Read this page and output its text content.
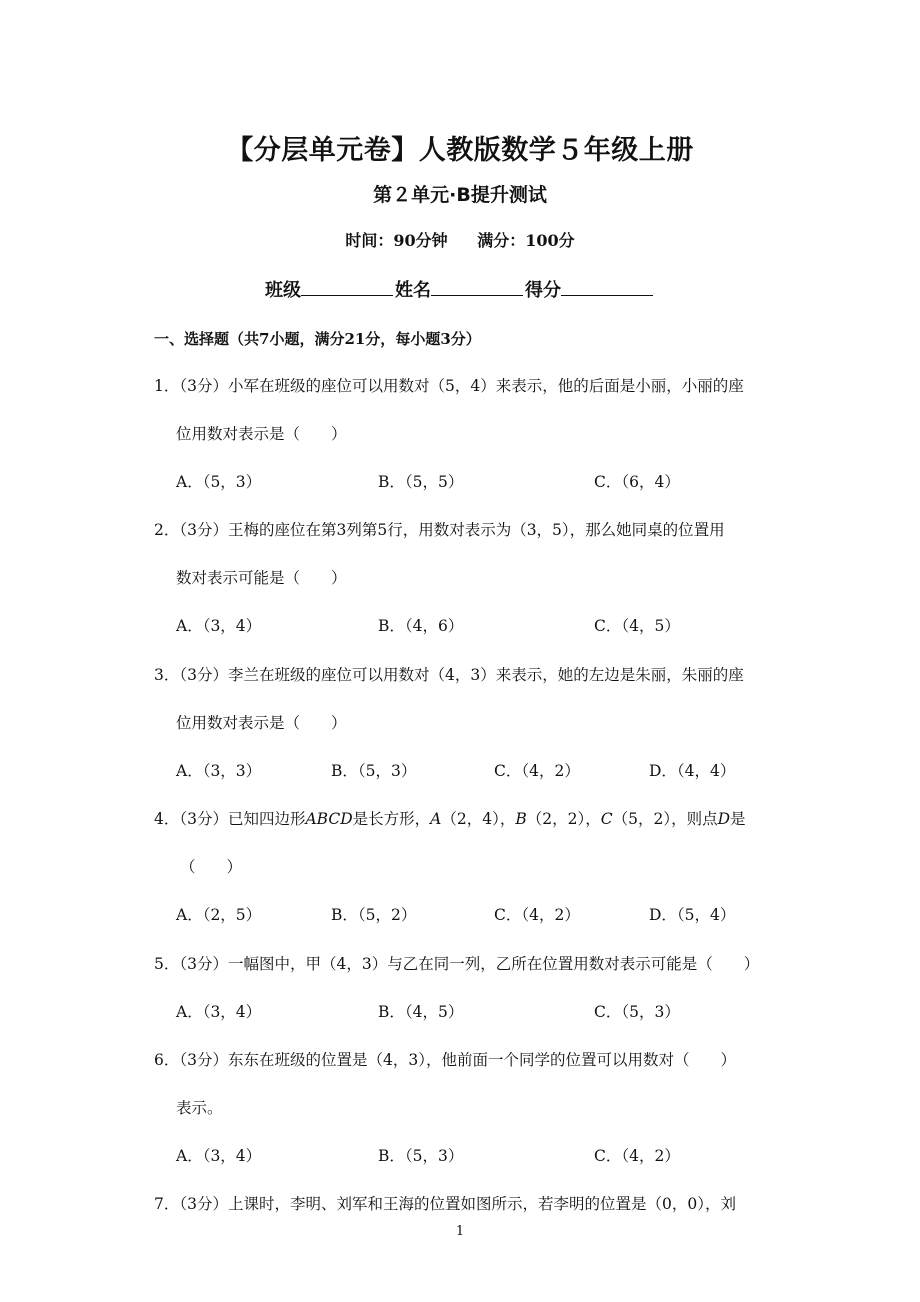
【分层单元卷】人教版数学５年级上册
第２单元·B提升测试
时间：90分钟 满分：100分
班级	姓名	得分
一、选择题（共7小题，满分21分，每小题3分）
1．（3分）小军在班级的座位可以用数对（5，4）来表示，他的后面是小丽，小丽的座
位用数对表示是（　　）
A．（5，3）	B．（5，5）	C．（6，4）
2．（3分）王梅的座位在第3列第5行，用数对表示为（3，5），那么她同桌的位置用
数对表示可能是（　　）
A．（3，4）	B．（4，6）	C．（4，5）
3．（3分）李兰在班级的座位可以用数对（4，3）来表示，她的左边是朱丽，朱丽的座
位用数对表示是（　　）
A．（3，3）	B．（5，3）	C．（4，2）	D．（4，4）
4．（3分）已知四边形ABCD是长方形，A（2，4），B（2，2），C（5，2），则点D是
（　　）
A．（2，5）	B．（5，2）	C．（4，2）	D．（5，4）
5．（3分）一幅图中，甲（4，3）与乙在同一列，乙所在位置用数对表示可能是（　　）
A．（3，4）	B．（4，5）	C．（5，3）
6．（3分）东东在班级的位置是（4，3），他前面一个同学的位置可以用数对（　　）
表示。
A．（3，4）	B．（5，3）	C．（4，2）
7．（3分）上课时，李明、刘军和王海的位置如图所示，若李明的位置是（0，0），刘
1
